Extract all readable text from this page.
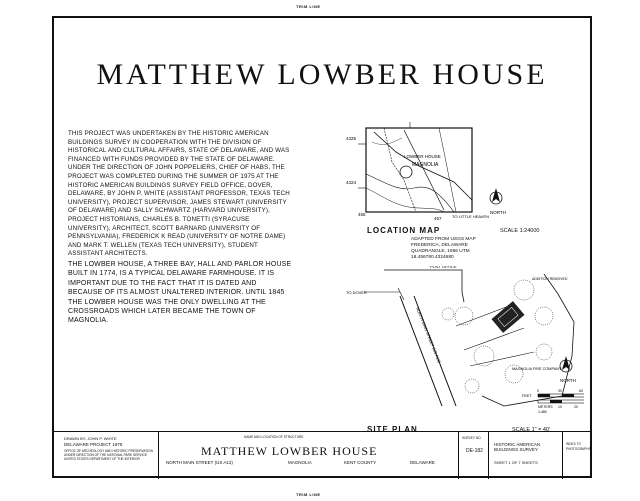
TRIM LINE
MATTHEW LOWBER HOUSE
THIS PROJECT WAS UNDERTAKEN BY THE HISTORIC AMERICAN BUILDINGS SURVEY IN COOPERATION WITH THE DIVISION OF HISTORICAL AND CULTURAL AFFAIRS, STATE OF DELAWARE, AND WAS FINANCED WITH FUNDS PROVIDED BY THE STATE OF DELAWARE. UNDER THE DIRECTION OF JOHN POPPELIERS, CHIEF OF HABS, THE PROJECT WAS COMPLETED DURING THE SUMMER OF 1975 AT THE HISTORIC AMERICAN BUILDINGS SURVEY FIELD OFFICE, DOVER, DELAWARE, BY JOHN P. WHITE (ASSISTANT PROFESSOR, TEXAS TECH UNIVERSITY), PROJECT SUPERVISOR, JAMES STEWART (UNIVERSITY OF DELAWARE) AND SALLY SCHWARTZ (HARVARD UNIVERSITY), PROJECT HISTORIANS, CHARLES B. TONETTI (SYRACUSE UNIVERSITY), ARCHITECT, SCOTT BARNARD (UNIVERSITY OF PENNSYLVANIA), FREDERICK K READ (UNIVERSITY OF NOTRE DAME) AND MARK T. WELLEN (TEXAS TECH UNIVERSITY), STUDENT ASSISTANT ARCHITECTS.
THE LOWBER HOUSE, A THREE BAY, HALL AND PARLOR HOUSE BUILT IN 1774, IS A TYPICAL DELAWARE FARMHOUSE. IT IS IMPORTANT DUE TO THE FACT THAT IT IS DATED AND BECAUSE OF ITS ALMOST UNALTERED INTERIOR. UNTIL 1845 THE LOWBER HOUSE WAS THE ONLY DWELLING AT THE CROSSROADS WHICH LATER BECAME THE TOWN OF MAGNOLIA.
LOWBER HOUSE
MAGNOLIA
TO LITTLE HEAVEN
4325
4324
456
457
NORTH
LOCATION MAP	SCALE 1:24000
ADAPTED FROM USGS MAP FREDERICA, DELAWARE QUADRANGLE, 1956 UTM 18.456780.4324680
POST OFFICE
TO DOVER
ADDITION REMOVED
MAGNOLIA FIRE COMPANY
NORTH MAIN STREET (US A13)
NORTH
FEET
METERS
1:480
0	30	60
10	20
SITE PLAN	SCALE 1" = 40'
DRAWN BY: JOHN P. WHITE
DELAWARE PROJECT 1975
OFFICE OF ARCHEOLOGY AND HISTORIC PRESERVATION UNDER DIRECTION OF THE NATIONAL PARK SERVICE UNITED STATES DEPARTMENT OF THE INTERIOR
NAME AND LOCATION OF STRUCTURE
MATTHEW LOWBER HOUSE
NORTH MAIN STREET (US A13)	MAGNOLIA	KENT COUNTY	DELAWARE
SURVEY NO.
DE-182
HISTORIC AMERICAN BUILDINGS SURVEY
SHEET 1 OF 7 SHEETS
INDEX TO PHOTOGRAPHS
TRIM LINE
